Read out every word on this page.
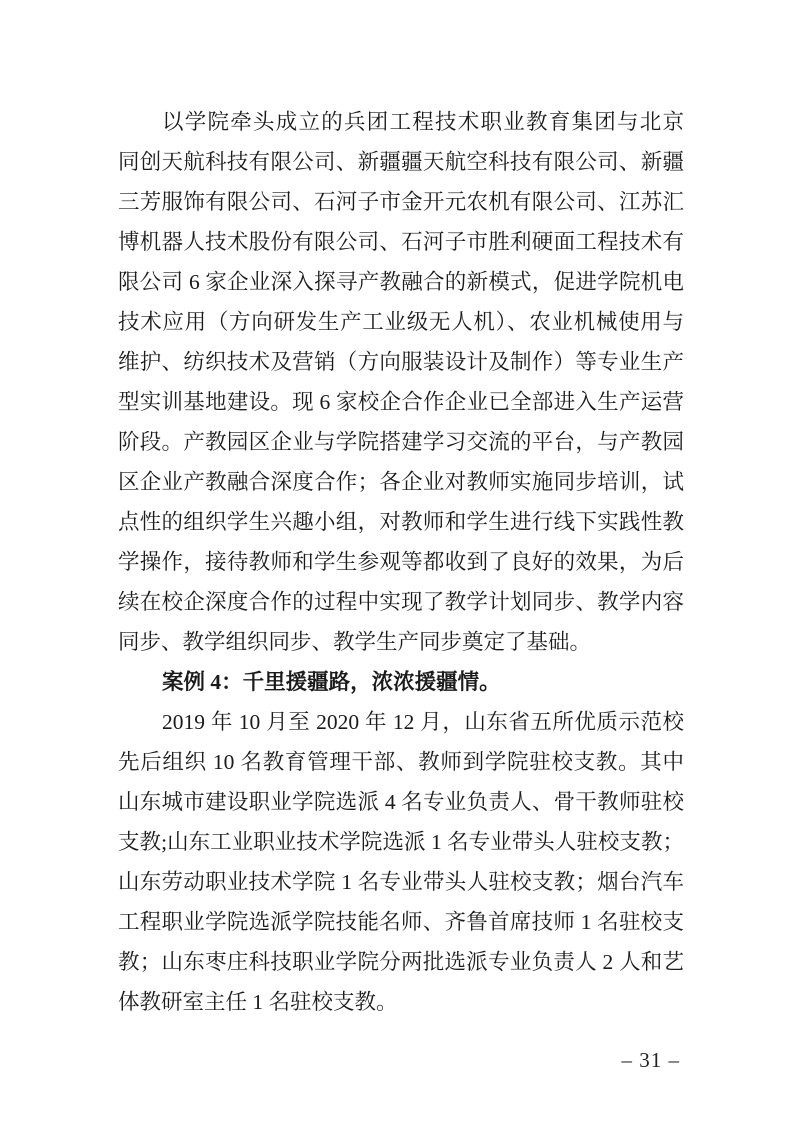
以学院牵头成立的兵团工程技术职业教育集团与北京
同创天航科技有限公司、新疆疆天航空科技有限公司、新疆
三芳服饰有限公司、石河子市金开元农机有限公司、江苏汇
博机器人技术股份有限公司、石河子市胜利硬面工程技术有
限公司 6 家企业深入探寻产教融合的新模式，促进学院机电
技术应用（方向研发生产工业级无人机）、农业机械使用与
维护、纺织技术及营销（方向服装设计及制作）等专业生产
型实训基地建设。现 6 家校企合作企业已全部进入生产运营
阶段。产教园区企业与学院搭建学习交流的平台，与产教园
区企业产教融合深度合作；各企业对教师实施同步培训，试
点性的组织学生兴趣小组，对教师和学生进行线下实践性教
学操作，接待教师和学生参观等都收到了良好的效果，为后
续在校企深度合作的过程中实现了教学计划同步、教学内容
同步、教学组织同步、教学生产同步奠定了基础。
案例 4：千里援疆路，浓浓援疆情。
2019 年 10 月至 2020 年 12 月，山东省五所优质示范校
先后组织 10 名教育管理干部、教师到学院驻校支教。其中
山东城市建设职业学院选派 4 名专业负责人、骨干教师驻校
支教;山东工业职业技术学院选派 1 名专业带头人驻校支教；
山东劳动职业技术学院 1 名专业带头人驻校支教；烟台汽车
工程职业学院选派学院技能名师、齐鲁首席技师 1 名驻校支
教；山东枣庄科技职业学院分两批选派专业负责人 2 人和艺
体教研室主任 1 名驻校支教。
– 31 –
